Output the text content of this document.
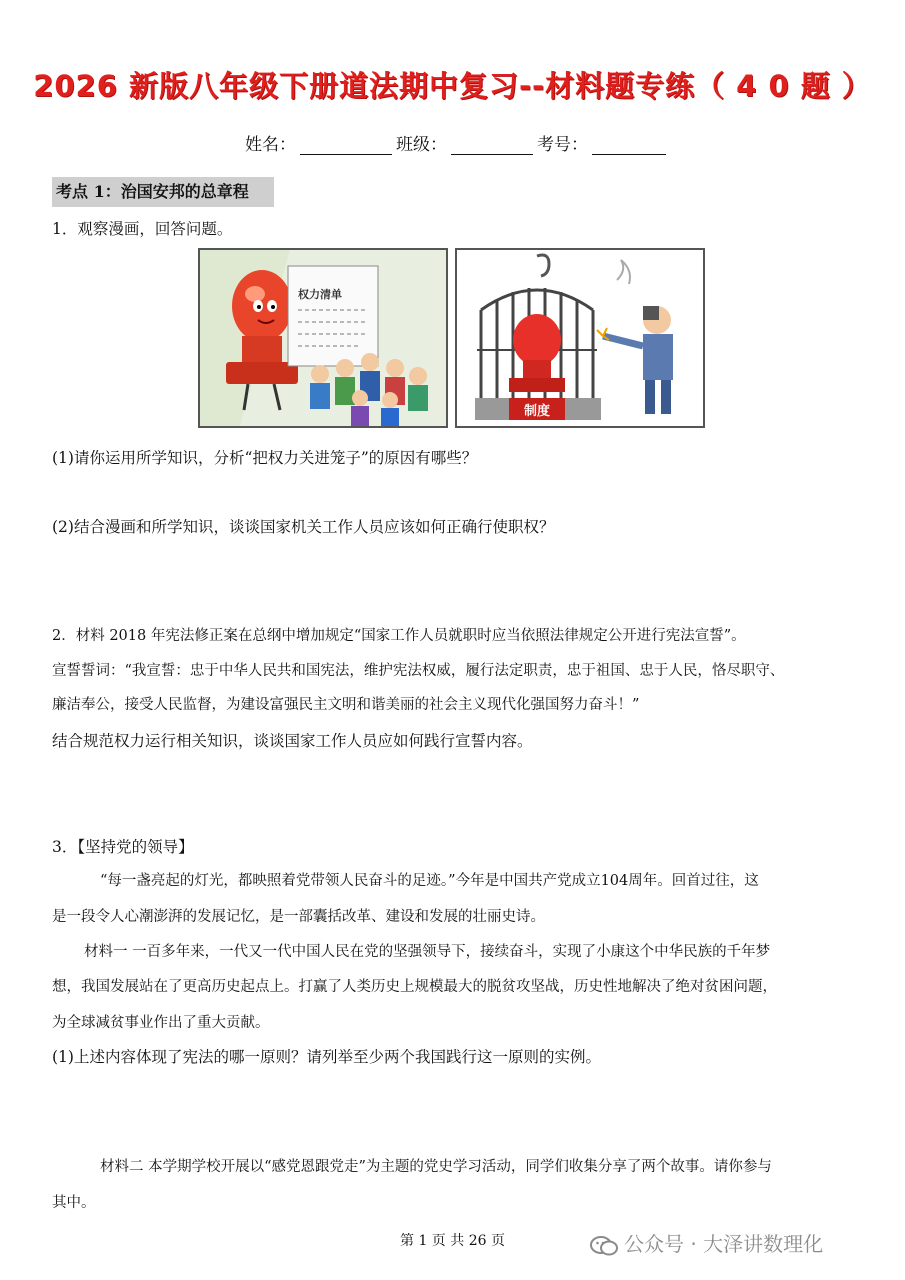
2026 新版八年级下册道法期中复习--材料题专练（ 4 0 题 ）
姓名：	班级：	考号：
考点 1：治国安邦的总章程
1．观察漫画，回答问题。
权力清单
制度
(1)请你运用所学知识，分析“把权力关进笼子”的原因有哪些？
(2)结合漫画和所学知识，谈谈国家机关工作人员应该如何正确行使职权？
2．材料 2018 年宪法修正案在总纲中增加规定“国家工作人员就职时应当依照法律规定公开进行宪法宣誓”。
宣誓誓词：“我宣誓：忠于中华人民共和国宪法，维护宪法权威，履行法定职责，忠于祖国、忠于人民，恪尽职守、
廉洁奉公，接受人民监督，为建设富强民主文明和谐美丽的社会主义现代化强国努力奋斗！”
结合规范权力运行相关知识，谈谈国家工作人员应如何践行宣誓内容。
3．【坚持党的领导】
“每一盏亮起的灯光，都映照着党带领人民奋斗的足迹。”今年是中国共产党成立104周年。回首过往，这
是一段令人心潮澎湃的发展记忆，是一部囊括改革、建设和发展的壮丽史诗。
材料一 一百多年来，一代又一代中国人民在党的坚强领导下，接续奋斗，实现了小康这个中华民族的千年梦
想，我国发展站在了更高历史起点上。打赢了人类历史上规模最大的脱贫攻坚战，历史性地解决了绝对贫困问题，
为全球减贫事业作出了重大贡献。
(1)上述内容体现了宪法的哪一原则？请列举至少两个我国践行这一原则的实例。
材料二 本学期学校开展以“感党恩跟党走”为主题的党史学习活动，同学们收集分享了两个故事。请你参与
其中。
第 1 页 共 26 页	公众号 · 大泽讲数理化
